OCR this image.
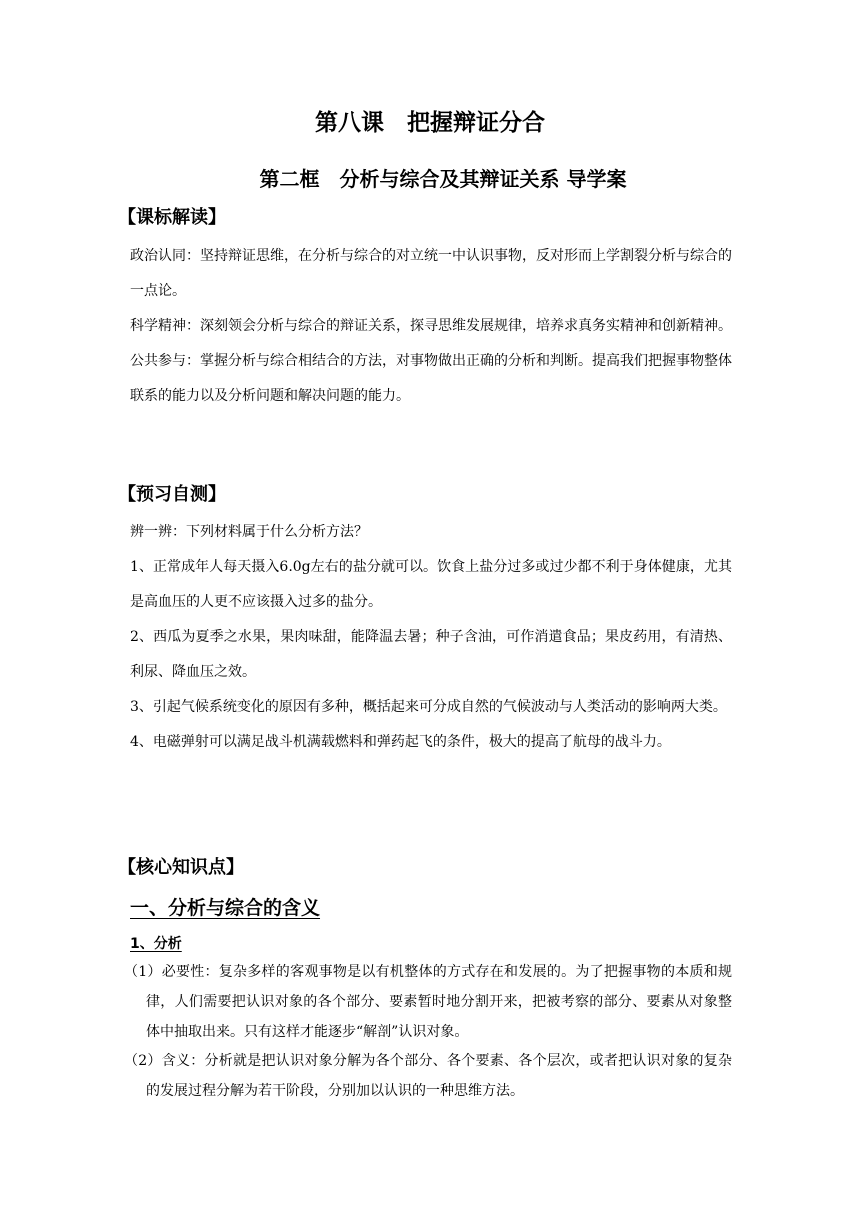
第八课　把握辩证分合
第二框　分析与综合及其辩证关系 导学案
【课标解读】

政治认同：坚持辩证思维，在分析与综合的对立统一中认识事物，反对形而上学割裂分析与综合的一点论。

科学精神：深刻领会分析与综合的辩证关系，探寻思维发展规律，培养求真务实精神和创新精神。

公共参与：掌握分析与综合相结合的方法，对事物做出正确的分析和判断。提高我们把握事物整体联系的能力以及分析问题和解决问题的能力。

【预习自测】

辨一辨：下列材料属于什么分析方法？

1、正常成年人每天摄入6.0g左右的盐分就可以。饮食上盐分过多或过少都不利于身体健康，尤其是高血压的人更不应该摄入过多的盐分。

2、西瓜为夏季之水果，果肉味甜，能降温去暑；种子含油，可作消遣食品；果皮药用，有清热、利尿、降血压之效。

3、引起气候系统变化的原因有多种，概括起来可分成自然的气候波动与人类活动的影响两大类。

4、电磁弹射可以满足战斗机满载燃料和弹药起飞的条件，极大的提高了航母的战斗力。

【核心知识点】
一、分析与综合的含义
1、分析
（1）必要性：复杂多样的客观事物是以有机整体的方式存在和发展的。为了把握事物的本质和规律，人们需要把认识对象的各个部分、要素暂时地分割开来，把被考察的部分、要素从对象整体中抽取出来。只有这样才能逐步“解剖”认识对象。
（2）含义：分析就是把认识对象分解为各个部分、各个要素、各个层次，或者把认识对象的复杂的发展过程分解为若干阶段，分别加以认识的一种思维方法。
